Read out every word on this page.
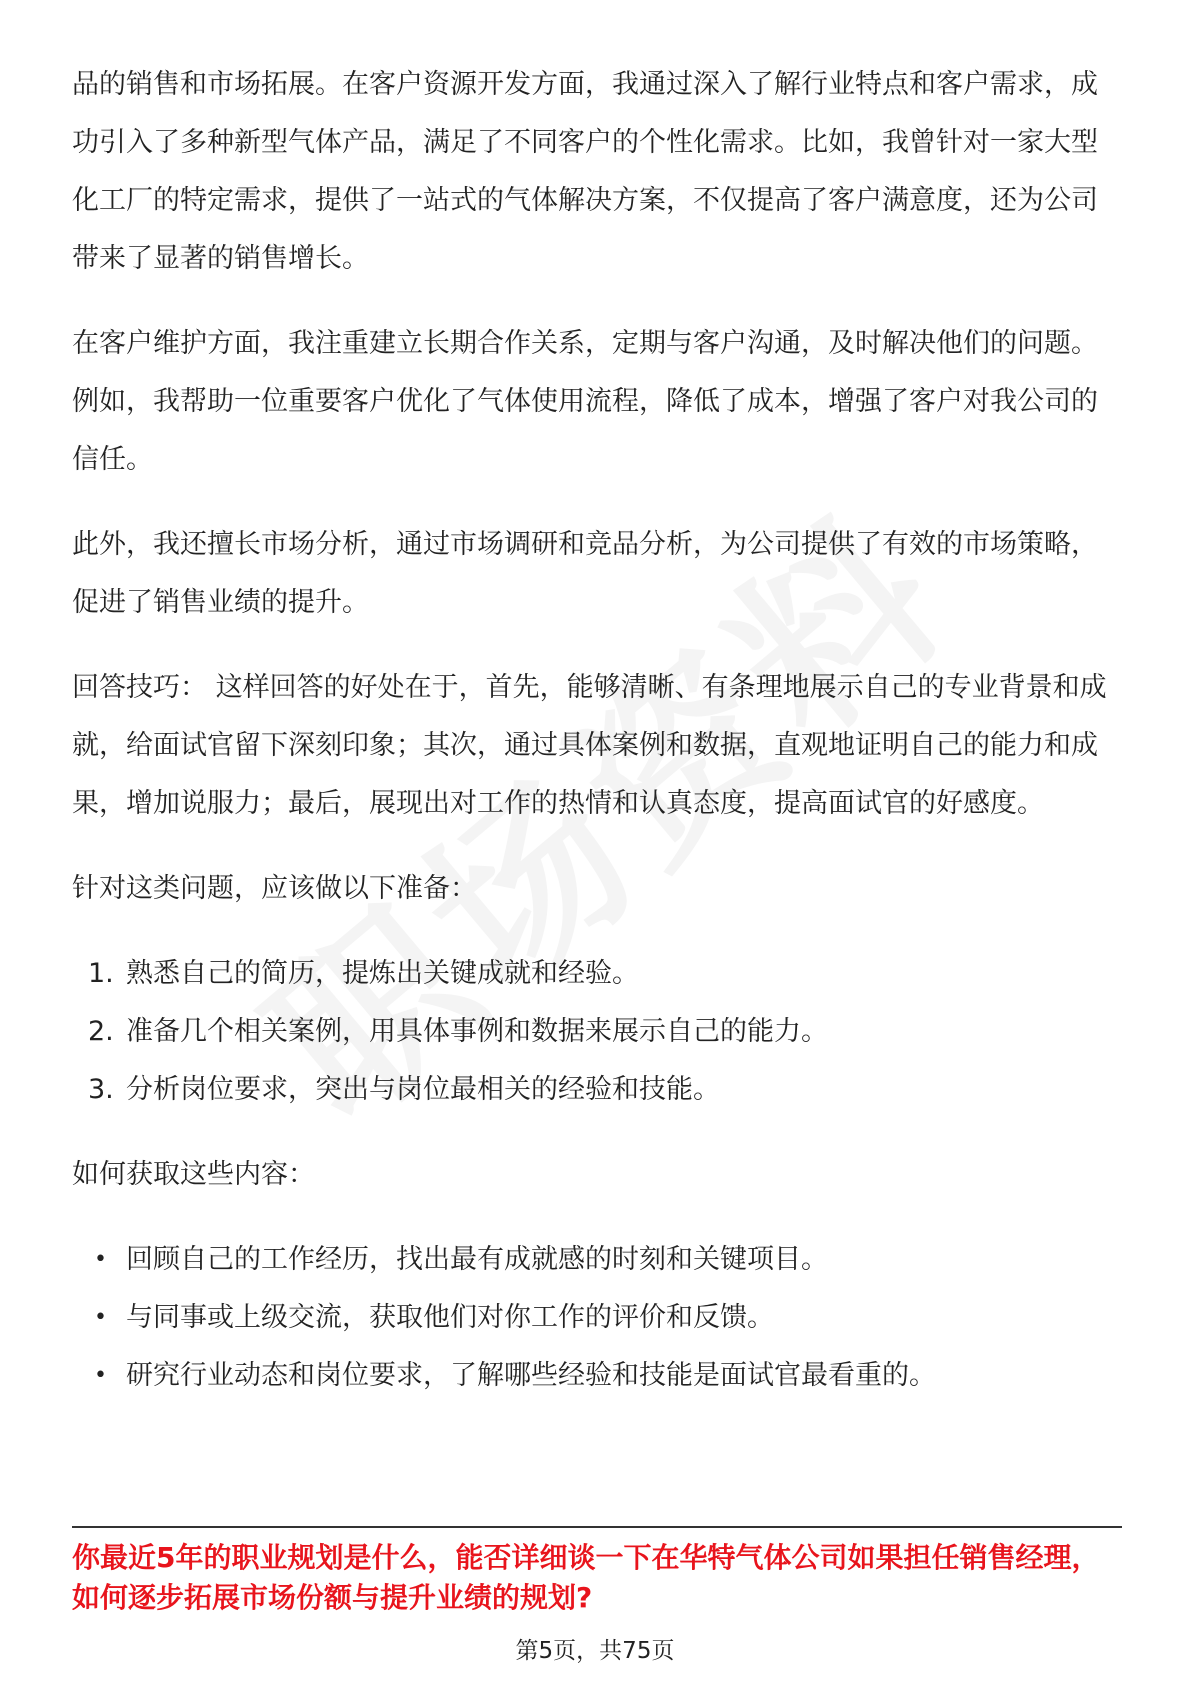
品的销售和市场拓展。在客户资源开发方面，我通过深入了解行业特点和客户需求，成功引入了多种新型气体产品，满足了不同客户的个性化需求。比如，我曾针对一家大型化工厂的特定需求，提供了一站式的气体解决方案，不仅提高了客户满意度，还为公司带来了显著的销售增长。

在客户维护方面，我注重建立长期合作关系，定期与客户沟通，及时解决他们的问题。例如，我帮助一位重要客户优化了气体使用流程，降低了成本，增强了客户对我公司的信任。

此外，我还擅长市场分析，通过市场调研和竞品分析，为公司提供了有效的市场策略，促进了销售业绩的提升。

回答技巧： 这样回答的好处在于，首先，能够清晰、有条理地展示自己的专业背景和成就，给面试官留下深刻印象；其次，通过具体案例和数据，直观地证明自己的能力和成果，增加说服力；最后，展现出对工作的热情和认真态度，提高面试官的好感度。

针对这类问题，应该做以下准备：

1. 熟悉自己的简历，提炼出关键成就和经验。
2. 准备几个相关案例，用具体事例和数据来展示自己的能力。
3. 分析岗位要求，突出与岗位最相关的经验和技能。

如何获取这些内容：

• 回顾自己的工作经历，找出最有成就感的时刻和关键项目。
• 与同事或上级交流，获取他们对你工作的评价和反馈。
• 研究行业动态和岗位要求，了解哪些经验和技能是面试官最看重的。
你最近5年的职业规划是什么，能否详细谈一下在华特气体公司如果担任销售经理，如何逐步拓展市场份额与提升业绩的规划?
第5页，共75页
